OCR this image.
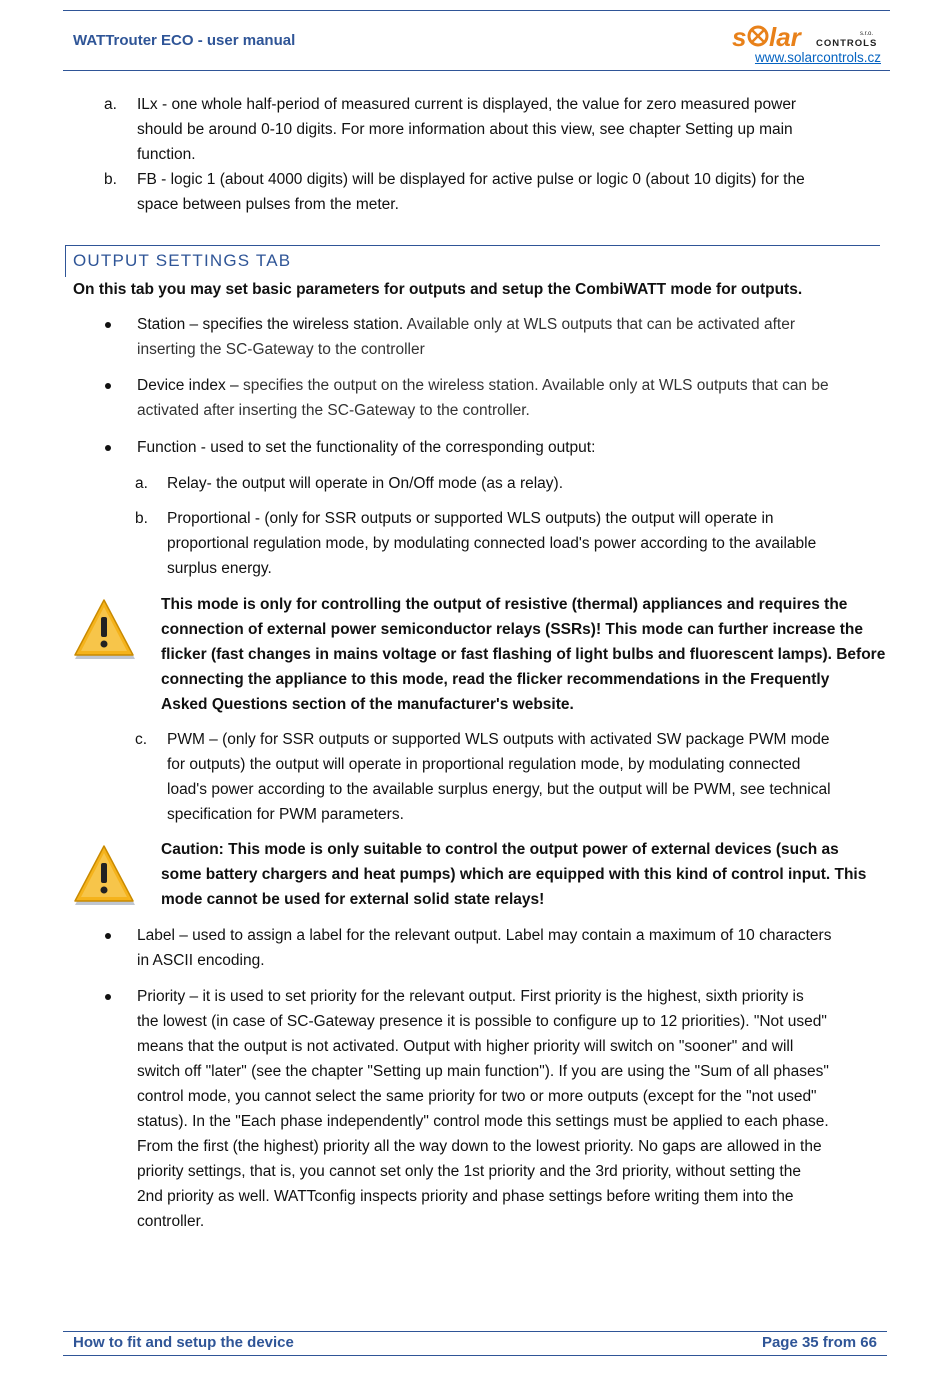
WATTrouter ECO - user manual	s lar CONTROLS
s.r.o.
www.solarcontrols.cz
a. ILx - one whole half-period of measured current is displayed, the value for zero measured power
should be around 0-10 digits. For more information about this view, see chapter Setting up main
function.
b. FB - logic 1 (about 4000 digits) will be displayed for active pulse or logic 0 (about 10 digits) for the
space between pulses from the meter.
OUTPUT SETTINGS TAB
On this tab you may set basic parameters for outputs and setup the CombiWATT mode for outputs.
Station – specifies the wireless station. Available only at WLS outputs that can be activated after
inserting the SC-Gateway to the controller
Device index – specifies the output on the wireless station. Available only at WLS outputs that can be
activated after inserting the SC-Gateway to the controller.
Function - used to set the functionality of the corresponding output:
a. Relay- the output will operate in On/Off mode (as a relay).
b. Proportional - (only for SSR outputs or supported WLS outputs) the output will operate in
proportional regulation mode, by modulating connected load's power according to the available
surplus energy.
This mode is only for controlling the output of resistive (thermal) appliances and requires the
connection of external power semiconductor relays (SSRs)! This mode can further increase the
flicker (fast changes in mains voltage or fast flashing of light bulbs and fluorescent lamps). Before
connecting the appliance to this mode, read the flicker recommendations in the Frequently
Asked Questions section of the manufacturer's website.
c. PWM – (only for SSR outputs or supported WLS outputs with activated SW package PWM mode
for outputs) the output will operate in proportional regulation mode, by modulating connected
load's power according to the available surplus energy, but the output will be PWM, see technical
specification for PWM parameters.
Caution: This mode is only suitable to control the output power of external devices (such as
some battery chargers and heat pumps) which are equipped with this kind of control input. This
mode cannot be used for external solid state relays!
Label – used to assign a label for the relevant output. Label may contain a maximum of 10 characters
in ASCII encoding.
Priority – it is used to set priority for the relevant output. First priority is the highest, sixth priority is
the lowest (in case of SC-Gateway presence it is possible to configure up to 12 priorities). "Not used"
means that the output is not activated. Output with higher priority will switch on "sooner" and will
switch off "later" (see the chapter "Setting up main function"). If you are using the "Sum of all phases"
control mode, you cannot select the same priority for two or more outputs (except for the "not used"
status). In the "Each phase independently" control mode this settings must be applied to each phase.
From the first (the highest) priority all the way down to the lowest priority. No gaps are allowed in the
priority settings, that is, you cannot set only the 1st priority and the 3rd priority, without setting the
2nd priority as well. WATTconfig inspects priority and phase settings before writing them into the
controller.
How to fit and setup the device	Page 35 from 66
